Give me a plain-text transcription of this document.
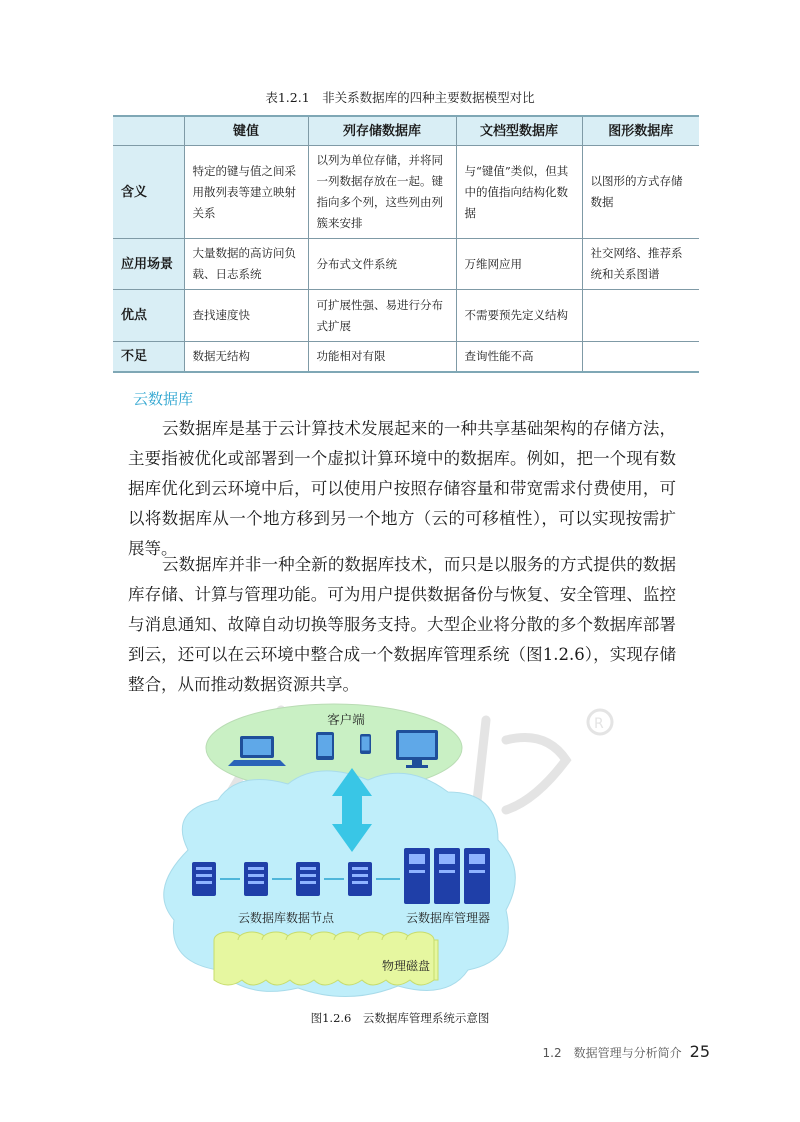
表1.2.1　非关系数据库的四种主要数据模型对比
	键值	列存储数据库	文档型数据库	图形数据库
含义	特定的键与值之间采用散列表等建立映射关系	以列为单位存储，并将同一列数据存放在一起。键指向多个列，这些列由列簇来安排	与“键值”类似，但其中的值指向结构化数据	以图形的方式存储数据
应用场景	大量数据的高访问负载、日志系统	分布式文件系统	万维网应用	社交网络、推荐系统和关系图谱
优点	查找速度快	可扩展性强、易进行分布式扩展	不需要预先定义结构	
不足	数据无结构	功能相对有限	查询性能不高	
云数据库

云数据库是基于云计算技术发展起来的一种共享基础架构的存储方法，主要指被优化或部署到一个虚拟计算环境中的数据库。例如，把一个现有数据库优化到云环境中后，可以使用户按照存储容量和带宽需求付费使用，可以将数据库从一个地方移到另一个地方（云的可移植性），可以实现按需扩展等。

云数据库并非一种全新的数据库技术，而只是以服务的方式提供的数据库存储、计算与管理功能。可为用户提供数据备份与恢复、安全管理、监控与消息通知、故障自动切换等服务支持。大型企业将分散的多个数据库部署到云，还可以在云环境中整合成一个数据库管理系统（图1.2.6），实现存储整合，从而推动数据资源共享。

R
客户端
云数据库数据节点	云数据库管理器
物理磁盘
图1.2.6　云数据库管理系统示意图
1.2　数据管理与分析简介 25
